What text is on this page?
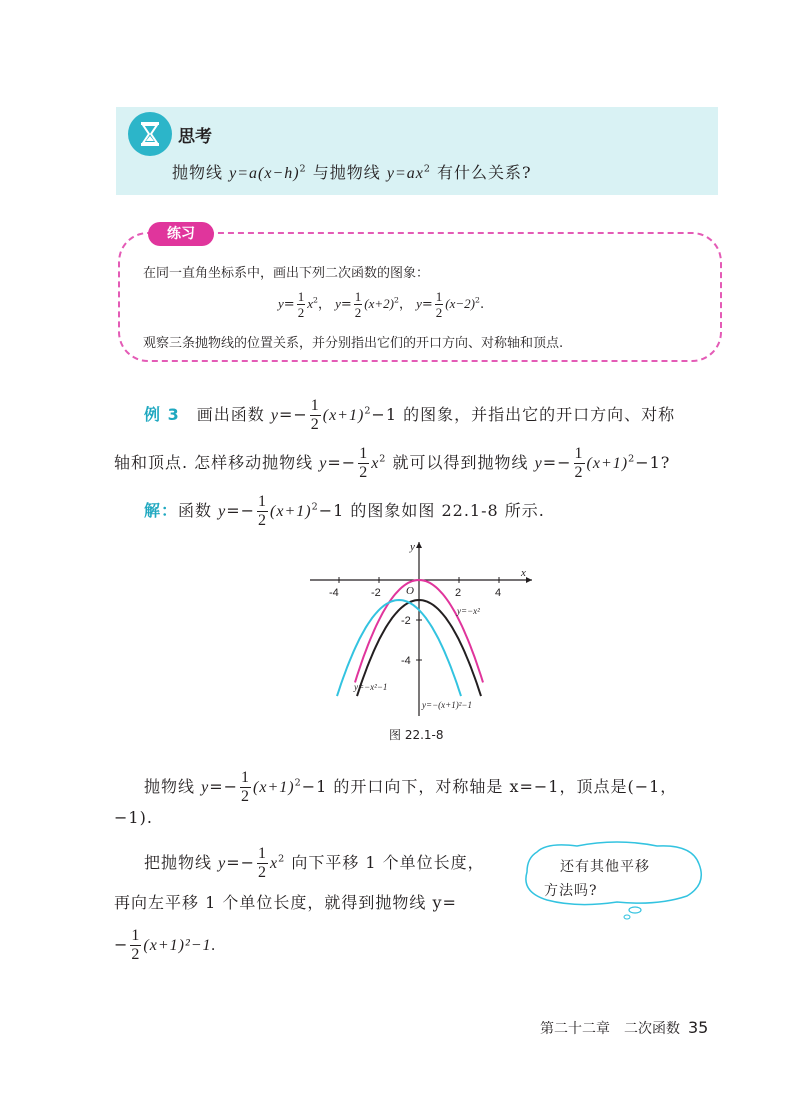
思考
抛物线 $y=a(x-h)^2$ 与抛物线 $y=ax^2$ 有什么关系?
练习
在同一直角坐标系中，画出下列二次函数的图象：
$y= \frac{1}{2} x^2$， $y= \frac{1}{2} (x+2)^2$， $y= \frac{1}{2} (x-2)^2$.
观察三条抛物线的位置关系，并分别指出它们的开口方向、对称轴和顶点.
例 3　 画出函数 $y=- \frac{1}{2} (x+1)^2-1$ 的图象，并指出它的开口方向、对称
轴和顶点. 怎样移动抛物线 $y=- \frac{1}{2} x^2$ 就可以得到抛物线 $y=- \frac{1}{2} (x+1)^2-1$?
解：函数 $y=- \frac{1}{2} (x+1)^2-1$ 的图象如图 22.1-8 所示.
-4	-2	2	4
-2
-4
x
y
O
y=−x²
y=−x²−1
y=−(x+1)²−1
图 22.1-8
抛物线 $y=- \frac{1}{2} (x+1)^2-1$ 的开口向下，对称轴是 x=−1，顶点是(−1，
−1).
把抛物线 $y=- \frac{1}{2} x^2$ 向下平移 1 个单位长度，
再向左平移 1 个单位长度，就得到抛物线 y=
− $\frac{1}{2} (x+1)^2-1$.
还有其他平移
方法吗?
第二十二章　二次函数 35
